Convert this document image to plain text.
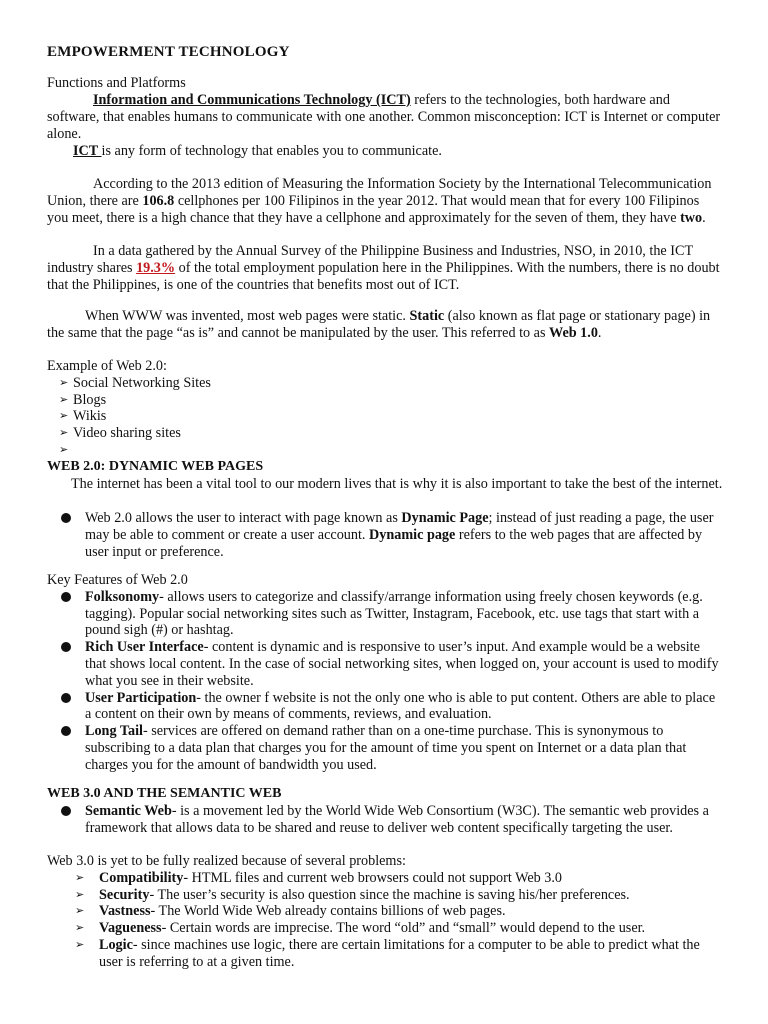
EMPOWERMENT TECHNOLOGY
Functions and Platforms

Information and Communications Technology (ICT) refers to the technologies, both hardware and software, that enables humans to communicate with one another. Common misconception: ICT is Internet or computer alone.

ICT is any form of technology that enables you to communicate.

According to the 2013 edition of Measuring the Information Society by the International Telecommunication Union, there are 106.8 cellphones per 100 Filipinos in the year 2012. That would mean that for every 100 Filipinos you meet, there is a high chance that they have a cellphone and approximately for the seven of them, they have two.

In a data gathered by the Annual Survey of the Philippine Business and Industries, NSO, in 2010, the ICT industry shares 19.3% of the total employment population here in the Philippines. With the numbers, there is no doubt that the Philippines, is one of the countries that benefits most out of ICT.

When WWW was invented, most web pages were static. Static (also known as flat page or stationary page) in the same that the page “as is” and cannot be manipulated by the user. This referred to as Web 1.0.

Example of Web 2.0:
➢ Social Networking Sites
➢ Blogs
➢ Wikis
➢ Video sharing sites
➢
WEB 2.0: DYNAMIC WEB PAGES

The internet has been a vital tool to our modern lives that is why it is also important to take the best of the internet.

Web 2.0 allows the user to interact with page known as Dynamic Page; instead of just reading a page, the user may be able to comment or create a user account. Dynamic page refers to the web pages that are affected by user input or preference.
Key Features of Web 2.0
Folksonomy- allows users to categorize and classify/arrange information using freely chosen keywords (e.g. tagging). Popular social networking sites such as Twitter, Instagram, Facebook, etc. use tags that start with a pound sigh (#) or hashtag.
Rich User Interface- content is dynamic and is responsive to user’s input. And example would be a website that shows local content. In the case of social networking sites, when logged on, your account is used to modify what you see in their website.
User Participation- the owner f website is not the only one who is able to put content. Others are able to place a content on their own by means of comments, reviews, and evaluation.
Long Tail- services are offered on demand rather than on a one-time purchase. This is synonymous to subscribing to a data plan that charges you for the amount of time you spent on Internet or a data plan that charges you for the amount of bandwidth you used.
WEB 3.0 AND THE SEMANTIC WEB
Semantic Web- is a movement led by the World Wide Web Consortium (W3C). The semantic web provides a framework that allows data to be shared and reuse to deliver web content specifically targeting the user.
Web 3.0 is yet to be fully realized because of several problems:
➢ Compatibility- HTML files and current web browsers could not support Web 3.0
➢ Security- The user’s security is also question since the machine is saving his/her preferences.
➢ Vastness- The World Wide Web already contains billions of web pages.
➢ Vagueness- Certain words are imprecise. The word “old” and “small” would depend to the user.
➢ Logic- since machines use logic, there are certain limitations for a computer to be able to predict what the user is referring to at a given time.
